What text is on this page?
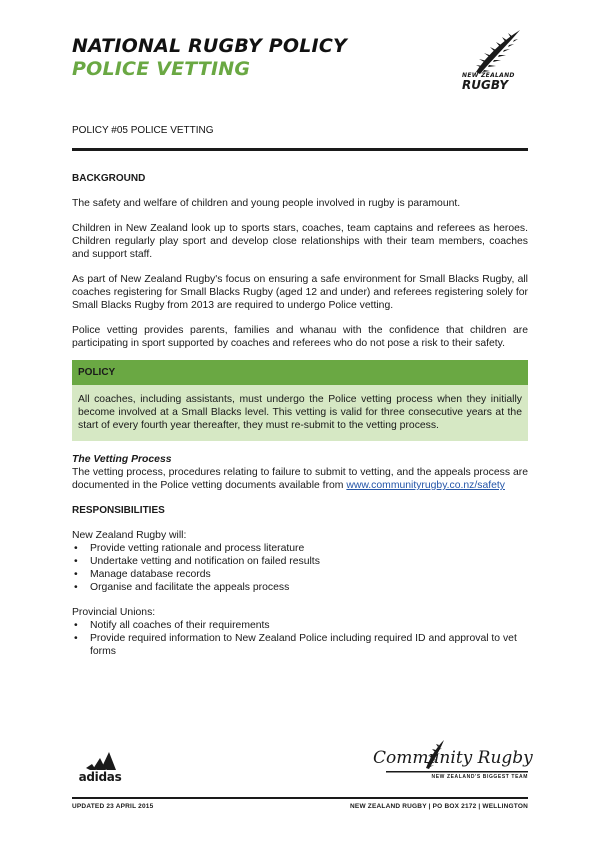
NATIONAL RUGBY POLICY
POLICE VETTING	NEW ZEALAND
RUGBY
POLICY #05 POLICE VETTING

BACKGROUND

The safety and welfare of children and young people involved in rugby is paramount.

Children in New Zealand look up to sports stars, coaches, team captains and referees as heroes. Children regularly play sport and develop close relationships with their team members, coaches and support staff.

As part of New Zealand Rugby's focus on ensuring a safe environment for Small Blacks Rugby, all coaches registering for Small Blacks Rugby (aged 12 and under) and referees registering solely for Small Blacks Rugby from 2013 are required to undergo Police vetting.

Police vetting provides parents, families and whanau with the confidence that children are participating in sport supported by coaches and referees who do not pose a risk to their safety.

POLICY
All coaches, including assistants, must undergo the Police vetting process when they initially become involved at a Small Blacks level. This vetting is valid for three consecutive years at the start of every fourth year thereafter, they must re-submit to the vetting process.

The Vetting Process

The vetting process, procedures relating to failure to submit to vetting, and the appeals process are documented in the Police vetting documents available from www.communityrugby.co.nz/safety

RESPONSIBILITIES

New Zealand Rugby will:

• Provide vetting rationale and process literature
• Undertake vetting and notification on failed results
• Manage database records
• Organise and facilitate the appeals process

Provincial Unions:

• Notify all coaches of their requirements
• Provide required information to New Zealand Police including required ID and approval to vet forms
adidas
Community Rugby
NEW ZEALAND'S BIGGEST TEAM
UPDATED 23 APRIL 2015	NEW ZEALAND RUGBY | PO BOX 2172 | WELLINGTON
